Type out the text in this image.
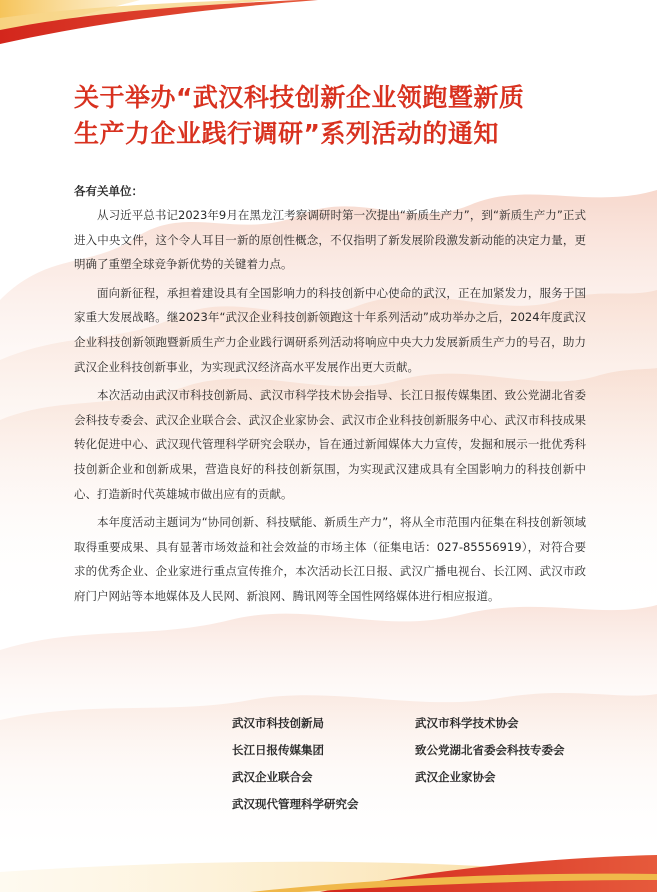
关于举办“武汉科技创新企业领跑暨新质
生产力企业践行调研”系列活动的通知
各有关单位：

从习近平总书记2023年9月在黑龙江考察调研时第一次提出“新质生产力”，到“新质生产力”正式进入中央文件，这个令人耳目一新的原创性概念，不仅指明了新发展阶段激发新动能的决定力量，更明确了重塑全球竞争新优势的关键着力点。

面向新征程，承担着建设具有全国影响力的科技创新中心使命的武汉，正在加紧发力，服务于国家重大发展战略。继2023年“武汉企业科技创新领跑这十年系列活动”成功举办之后，2024年度武汉企业科技创新领跑暨新质生产力企业践行调研系列活动将响应中央大力发展新质生产力的号召，助力武汉企业科技创新事业，为实现武汉经济高水平发展作出更大贡献。

本次活动由武汉市科技创新局、武汉市科学技术协会指导、长江日报传媒集团、致公党湖北省委会科技专委会、武汉企业联合会、武汉企业家协会、武汉市企业科技创新服务中心、武汉市科技成果转化促进中心、武汉现代管理科学研究会联办，旨在通过新闻媒体大力宣传，发掘和展示一批优秀科技创新企业和创新成果，营造良好的科技创新氛围，为实现武汉建成具有全国影响力的科技创新中心、打造新时代英雄城市做出应有的贡献。

本年度活动主题词为“协同创新、科技赋能、新质生产力”，将从全市范围内征集在科技创新领域取得重要成果、具有显著市场效益和社会效益的市场主体（征集电话：027-85556919），对符合要求的优秀企业、企业家进行重点宣传推介，本次活动长江日报、武汉广播电视台、长江网、武汉市政府门户网站等本地媒体及人民网、新浪网、腾讯网等全国性网络媒体进行相应报道。

武汉市科技创新局	武汉市科学技术协会
长江日报传媒集团	致公党湖北省委会科技专委会
武汉企业联合会	武汉企业家协会
武汉现代管理科学研究会
